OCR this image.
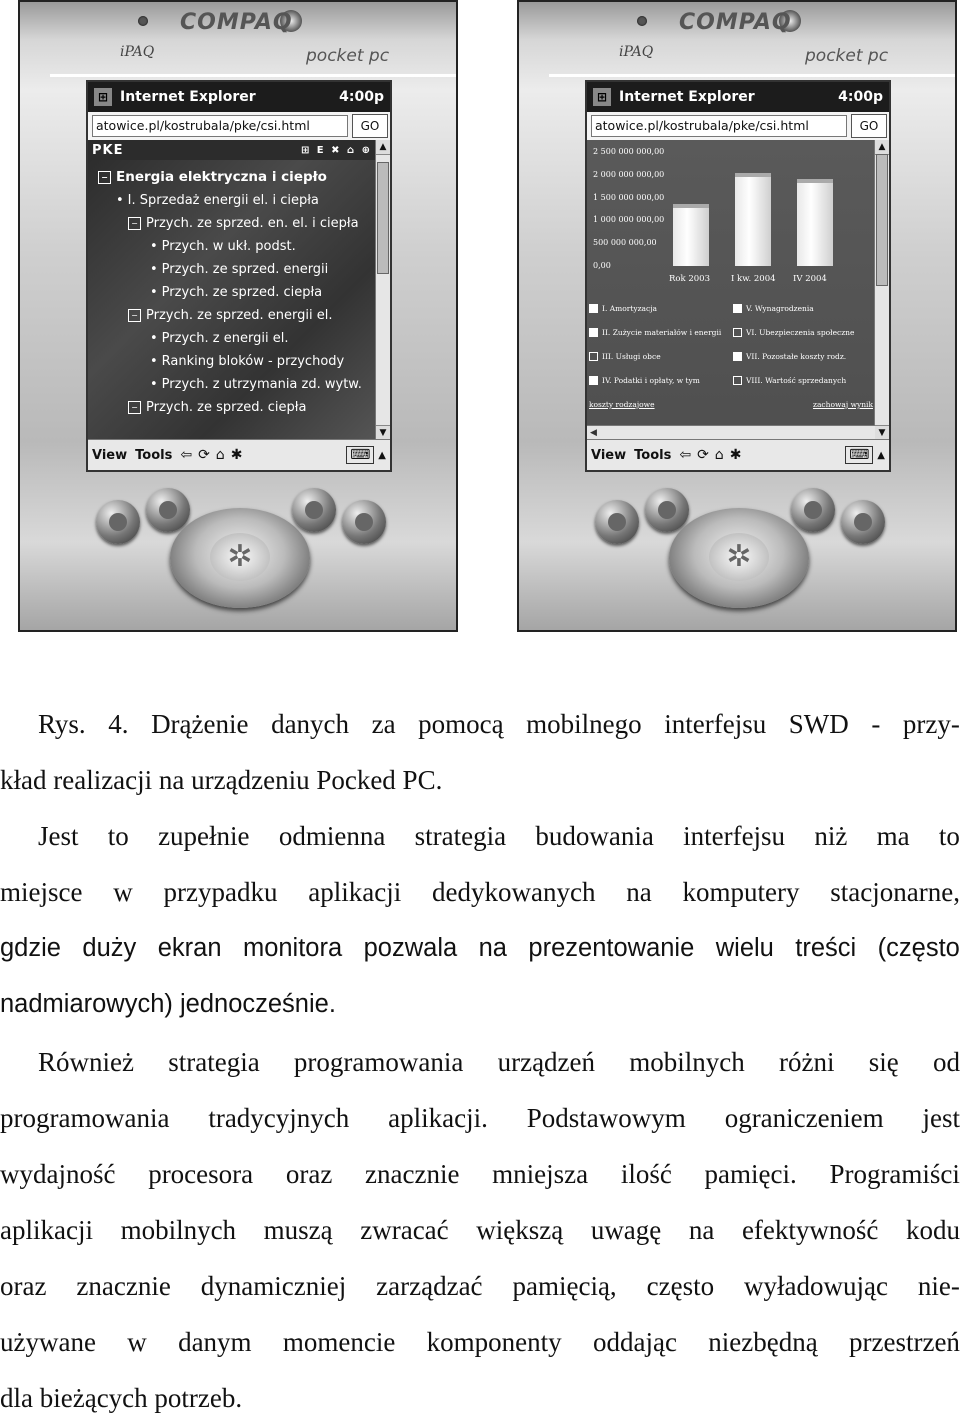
COMPAQ
iPAQ	pocket pc
⊞ Internet Explorer	4:00p
atowice.pl/kostrubala/pke/csi.html	GO
PKE	⊞ E ✖ ⌂ ⊕
− Energia elektryczna i ciepło
• I. Sprzedaż energii el. i ciepła
− Przych. ze sprzed. en. el. i ciepła
• Przych. w ukł. podst.
• Przych. ze sprzed. energii
• Przych. ze sprzed. ciepła
− Przych. ze sprzed. energii el.
• Przych. z energii el.
• Ranking bloków - przychody
• Przych. z utrzymania zd. wytw.
− Przych. ze sprzed. ciepła
▲
▼
View Tools ⇦ ⟳ ⌂ ✱	⌨ ▲
✲
COMPAQ
iPAQ	pocket pc
⊞ Internet Explorer	4:00p
atowice.pl/kostrubala/pke/csi.html	GO
2 500 000 000,00
2 000 000 000,00
1 500 000 000,00
1 000 000 000,00
500 000 000,00
0,00
Rok 2003 I kw. 2004 IV 2004
I. Amortyzacja	V. Wynagrodzenia
II. Zużycie materiałów i energii	VI. Ubezpieczenia społeczne
III. Usługi obce	VII. Pozostałe koszty rodz.
IV. Podatki i opłaty, w tym	VIII. Wartość sprzedanych
koszty rodzajowe	zachowaj wynik
▲
▼
◀
View Tools ⇦ ⟳ ⌂ ✱	⌨ ▲
✲
Rys. 4. Drążenie danych za pomocą mobilnego interfejsu SWD - przy-
kład realizacji na urządzeniu Pocked PC.
Jest to zupełnie odmienna strategia budowania interfejsu niż ma to
miejsce w przypadku aplikacji dedykowanych na komputery stacjonarne,
gdzie duży ekran monitora pozwala na prezentowanie wielu treści (często
nadmiarowych) jednocześnie.
Również strategia programowania urządzeń mobilnych różni się od
programowania tradycyjnych aplikacji. Podstawowym ograniczeniem jest
wydajność procesora oraz znacznie mniejsza ilość pamięci. Programiści
aplikacji mobilnych muszą zwracać większą uwagę na efektywność kodu
oraz znacznie dynamiczniej zarządzać pamięcią, często wyładowując nie-
używane w danym momencie komponenty oddając niezbędną przestrzeń
dla bieżących potrzeb.
